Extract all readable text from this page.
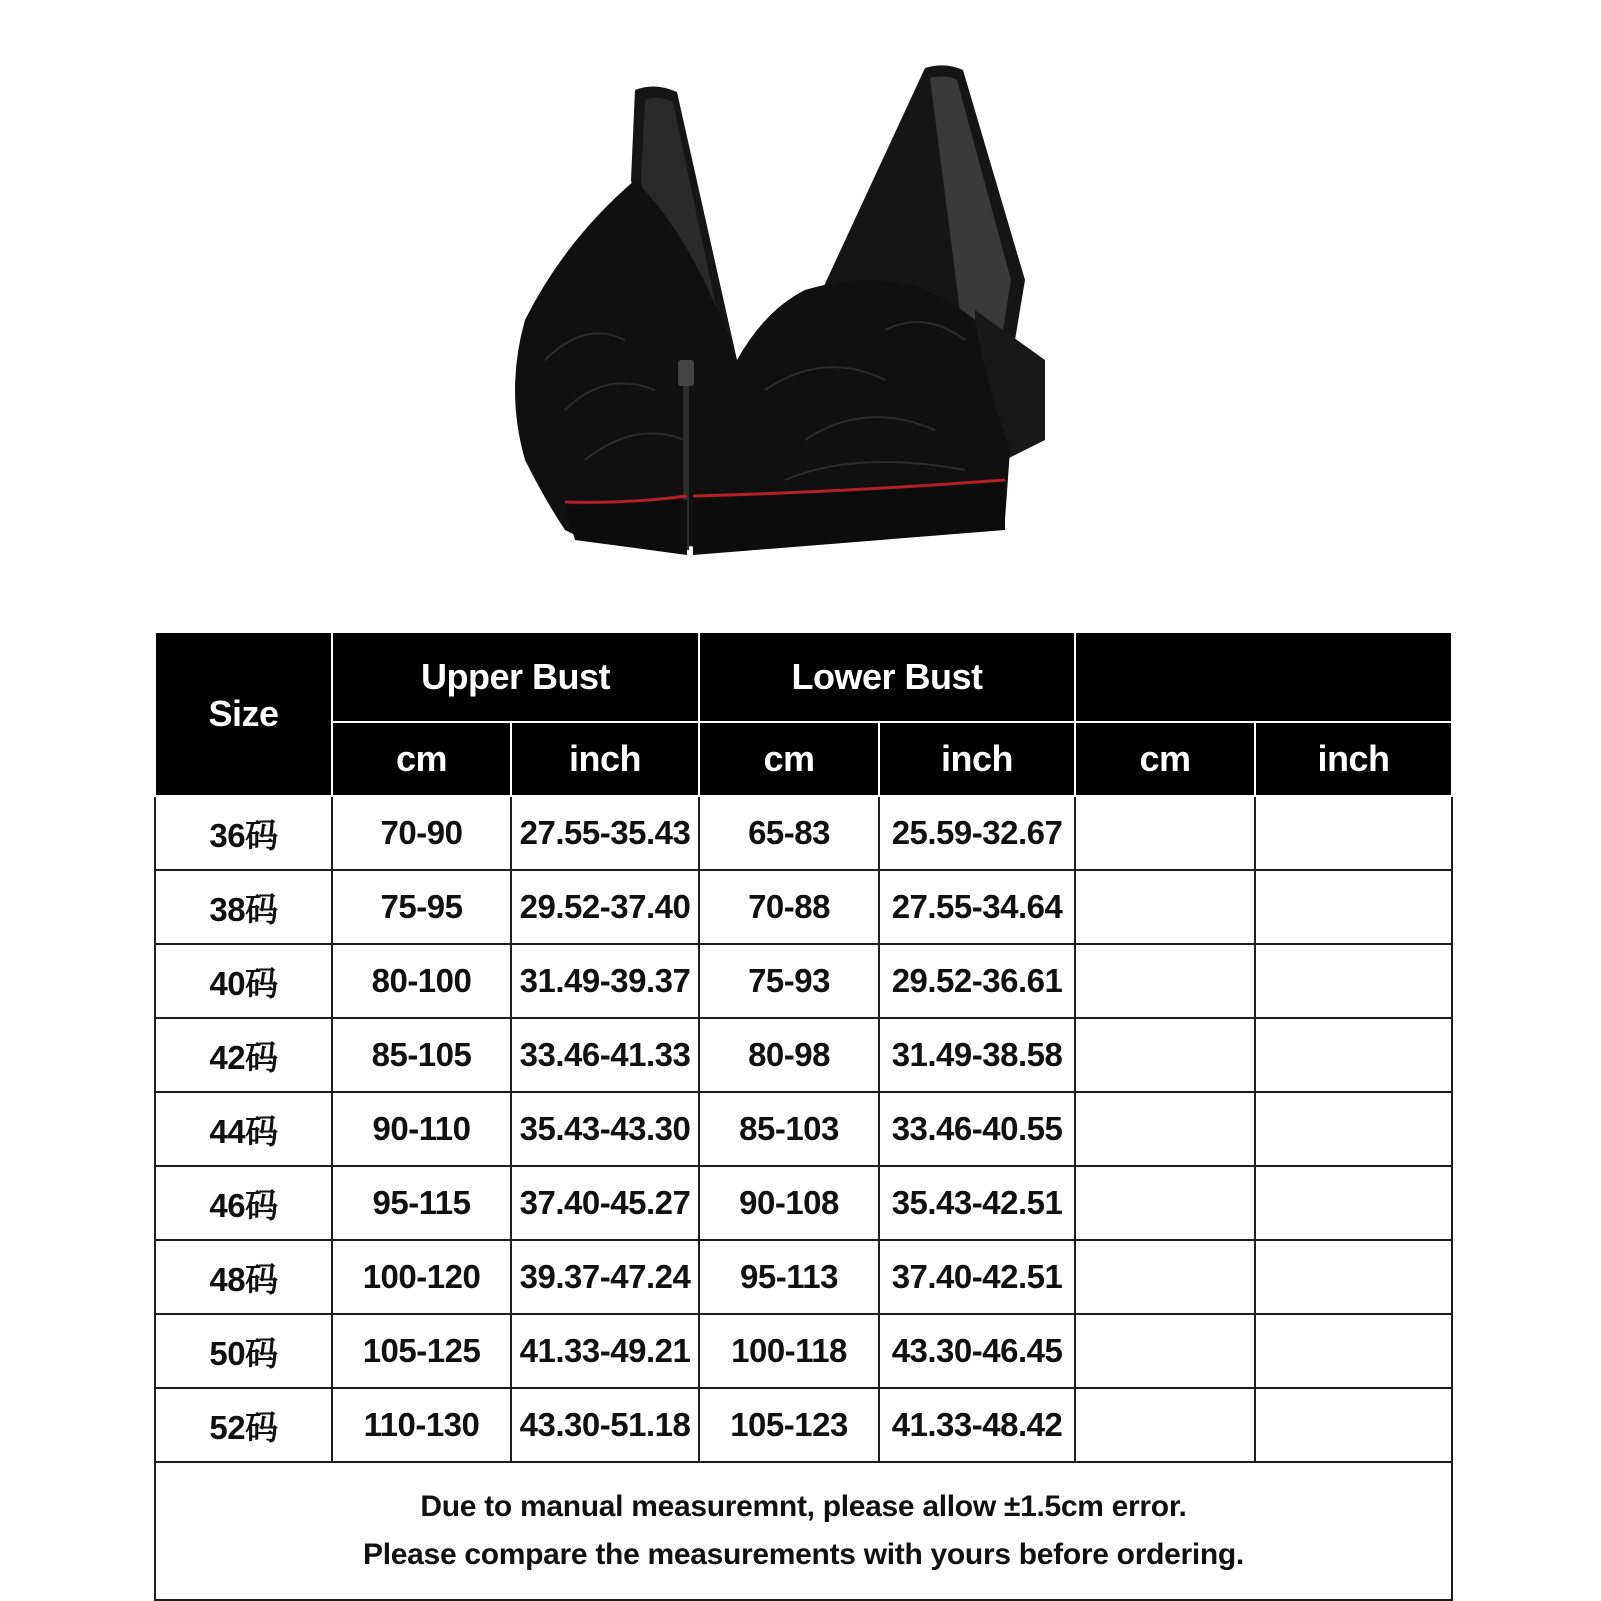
Size	Upper Bust		Lower Bust			
	cm	inch	cm	inch	cm	inch
36码	70-90	27.55-35.43	65-83	25.59-32.67		
38码	75-95	29.52-37.40	70-88	27.55-34.64		
40码	80-100	31.49-39.37	75-93	29.52-36.61		
42码	85-105	33.46-41.33	80-98	31.49-38.58		
44码	90-110	35.43-43.30	85-103	33.46-40.55		
46码	95-115	37.40-45.27	90-108	35.43-42.51		
48码	100-120	39.37-47.24	95-113	37.40-42.51		
50码	105-125	41.33-49.21	100-118	43.30-46.45		
52码	110-130	43.30-51.18	105-123	41.33-48.42		

Due to manual measuremnt, please allow ±1.5cm error.
Please compare the measurements with yours before ordering.						
